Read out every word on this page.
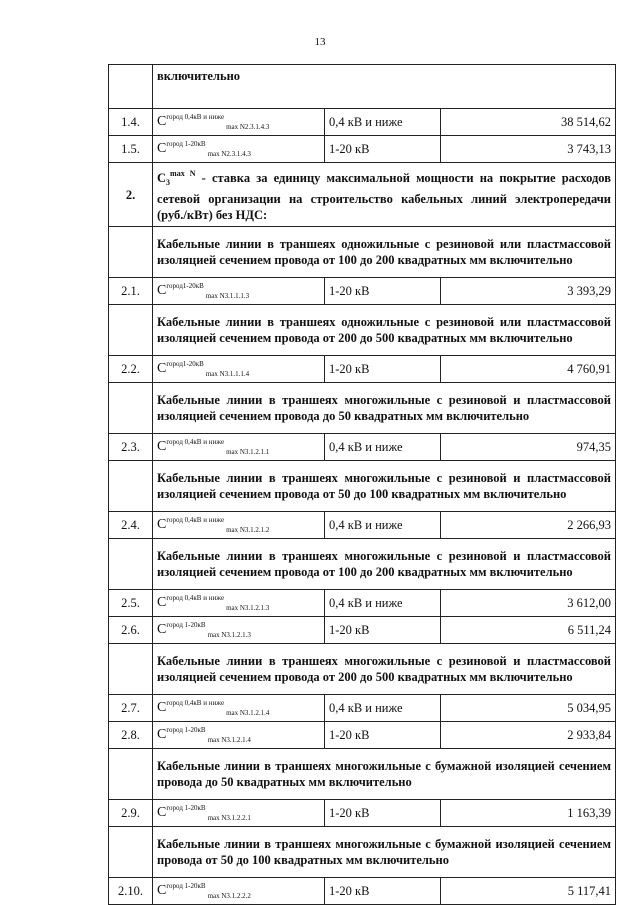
13
	включительно		
1.4.	$C^{город 0,4кВ и ниже}_{max N2.3.1.4.3}$	0,4 кВ и ниже	38 514,62
1.5.	$C^{город 1-20кВ}_{max N2.3.1.4.3}$	1-20 кВ	3 743,13
2.	$C_3^{max N}$ - ставка за единицу максимальной мощности на покрытие расходов сетевой организации на строительство кабельных линий электропередачи (руб./кВт) без НДС:		
	Кабельные линии в траншеях одножильные с резиновой или пластмассовой изоляцией сечением провода от 100 до 200 квадратных мм включительно		
2.1.	$C^{город1-20кВ}_{max N3.1.1.1.3}$	1-20 кВ	3 393,29
	Кабельные линии в траншеях одножильные с резиновой или пластмассовой изоляцией сечением провода от 200 до 500 квадратных мм включительно		
2.2.	$C^{город1-20кВ}_{max N3.1.1.1.4}$	1-20 кВ	4 760,91
	Кабельные линии в траншеях многожильные с резиновой и пластмассовой изоляцией сечением провода до 50 квадратных мм включительно		
2.3.	$C^{город 0,4кВ и ниже}_{max N3.1.2.1.1}$	0,4 кВ и ниже	974,35
	Кабельные линии в траншеях многожильные с резиновой и пластмассовой изоляцией сечением провода от 50 до 100 квадратных мм включительно		
2.4.	$C^{город 0,4кВ и ниже}_{max N3.1.2.1.2}$	0,4 кВ и ниже	2 266,93
	Кабельные линии в траншеях многожильные с резиновой и пластмассовой изоляцией сечением провода от 100 до 200 квадратных мм включительно		
2.5.	$C^{город 0,4кВ и ниже}_{max N3.1.2.1.3}$	0,4 кВ и ниже	3 612,00
2.6.	$C^{город 1-20кВ}_{max N3.1.2.1.3}$	1-20 кВ	6 511,24
	Кабельные линии в траншеях многожильные с резиновой и пластмассовой изоляцией сечением провода от 200 до 500 квадратных мм включительно		
2.7.	$C^{город 0,4кВ и ниже}_{max N3.1.2.1.4}$	0,4 кВ и ниже	5 034,95
2.8.	$C^{город 1-20кВ}_{max N3.1.2.1.4}$	1-20 кВ	2 933,84
	Кабельные линии в траншеях многожильные с бумажной изоляцией сечением провода до 50 квадратных мм включительно		
2.9.	$C^{город 1-20кВ}_{max N3.1.2.2.1}$	1-20 кВ	1 163,39
	Кабельные линии в траншеях многожильные с бумажной изоляцией сечением провода от 50 до 100 квадратных мм включительно		
2.10.	$C^{город 1-20кВ}_{max N3.1.2.2.2}$	1-20 кВ	5 117,41
